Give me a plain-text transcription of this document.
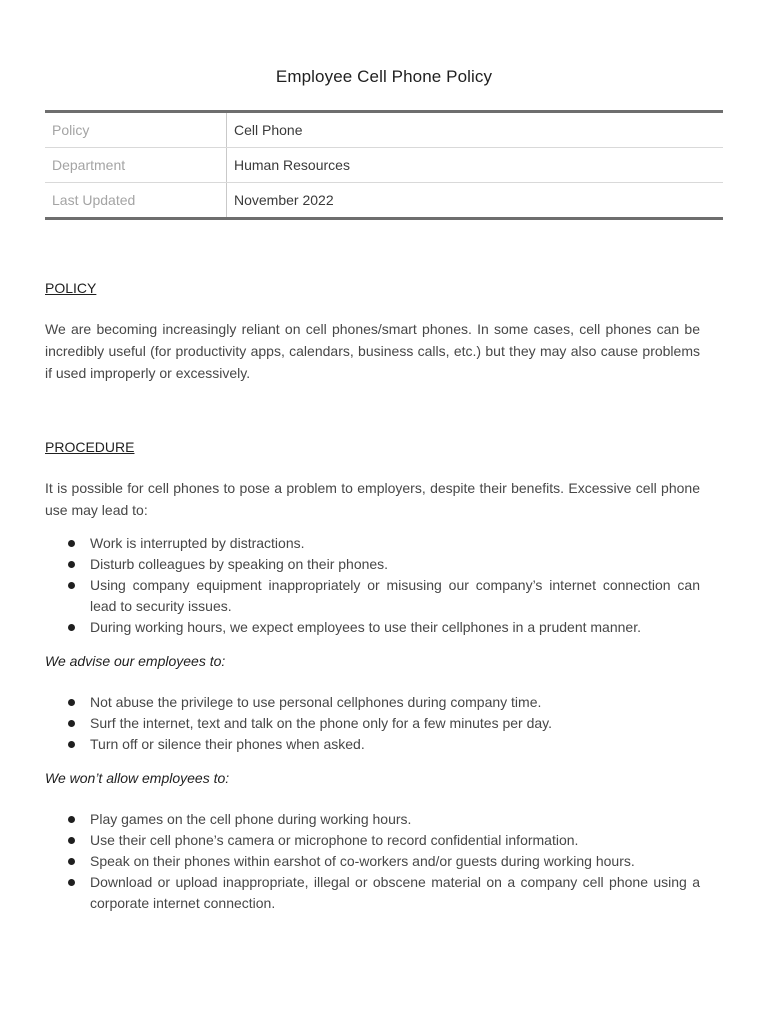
Employee Cell Phone Policy
Policy	Cell Phone
Department	Human Resources
Last Updated	November 2022
POLICY
We are becoming increasingly reliant on cell phones/smart phones. In some cases, cell phones can be incredibly useful (for productivity apps, calendars, business calls, etc.) but they may also cause problems if used improperly or excessively.
PROCEDURE
It is possible for cell phones to pose a problem to employers, despite their benefits. Excessive cell phone use may lead to:
Work is interrupted by distractions.
Disturb colleagues by speaking on their phones.
Using company equipment inappropriately or misusing our company’s internet connection can lead to security issues.
During working hours, we expect employees to use their cellphones in a prudent manner.
We advise our employees to:
Not abuse the privilege to use personal cellphones during company time.
Surf the internet, text and talk on the phone only for a few minutes per day.
Turn off or silence their phones when asked.
We won’t allow employees to:
Play games on the cell phone during working hours.
Use their cell phone’s camera or microphone to record confidential information.
Speak on their phones within earshot of co-workers and/or guests during working hours.
Download or upload inappropriate, illegal or obscene material on a company cell phone using a corporate internet connection.
